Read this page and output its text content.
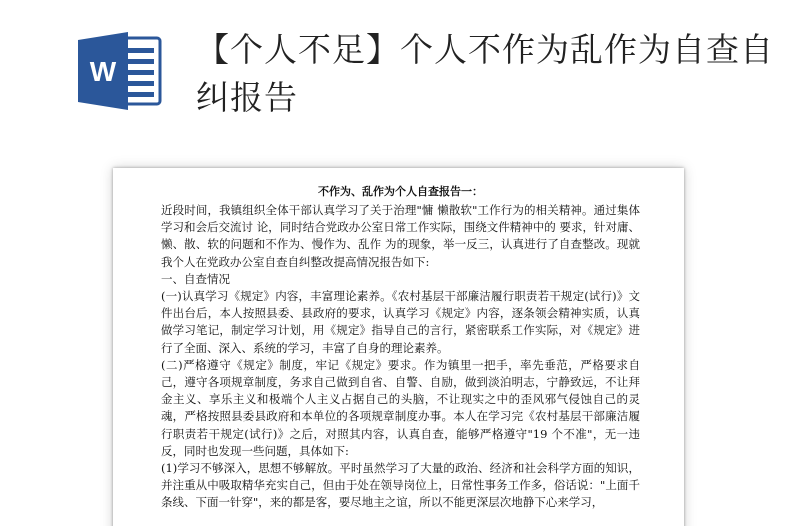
W
【个人不足】个人不作为乱作为自查自纠报告
不作为、乱作为个人自查报告一：

近段时间，我镇组织全体干部认真学习了关于治理"慵 懒散软"工作行为的相关精神。通过集体学习和会后交流讨 论，同时结合党政办公室日常工作实际，围绕文件精神中的 要求，针对庸、懒、散、软的问题和不作为、慢作为、乱作 为的现象，举一反三，认真进行了自查整改。现就我个人在党政办公室自查自纠整改提高情况报告如下:

一、自查情况

(一)认真学习《规定》内容，丰富理论素养。《农村基层干部廉洁履行职责若干规定(试行)》文件出台后，本人按照县委、县政府的要求，认真学习《规定》内容，逐条领会精神实质，认真做学习笔记，制定学习计划，用《规定》指导自己的言行，紧密联系工作实际，对《规定》进行了全面、深入、系统的学习，丰富了自身的理论素养。

(二)严格遵守《规定》制度，牢记《规定》要求。作为镇里一把手，率先垂范，严格要求自己，遵守各项规章制度，务求自己做到自省、自警、自励，做到淡泊明志，宁静致远，不让拜金主义、享乐主义和极端个人主义占据自己的头脑，不让现实之中的歪风邪气侵蚀自己的灵魂，严格按照县委县政府和本单位的各项规章制度办事。本人在学习完《农村基层干部廉洁履行职责若干规定(试行)》之后，对照其内容，认真自查，能够严格遵守"19 个不准"，无一违反，同时也发现一些问题，具体如下:

(1)学习不够深入，思想不够解放。平时虽然学习了大量的政治、经济和社会科学方面的知识，并注重从中吸取精华充实自己，但由于处在领导岗位上，日常性事务工作多，俗话说："上面千条线、下面一针穿"，来的都是客，要尽地主之谊，所以不能更深层次地静下心来学习，
